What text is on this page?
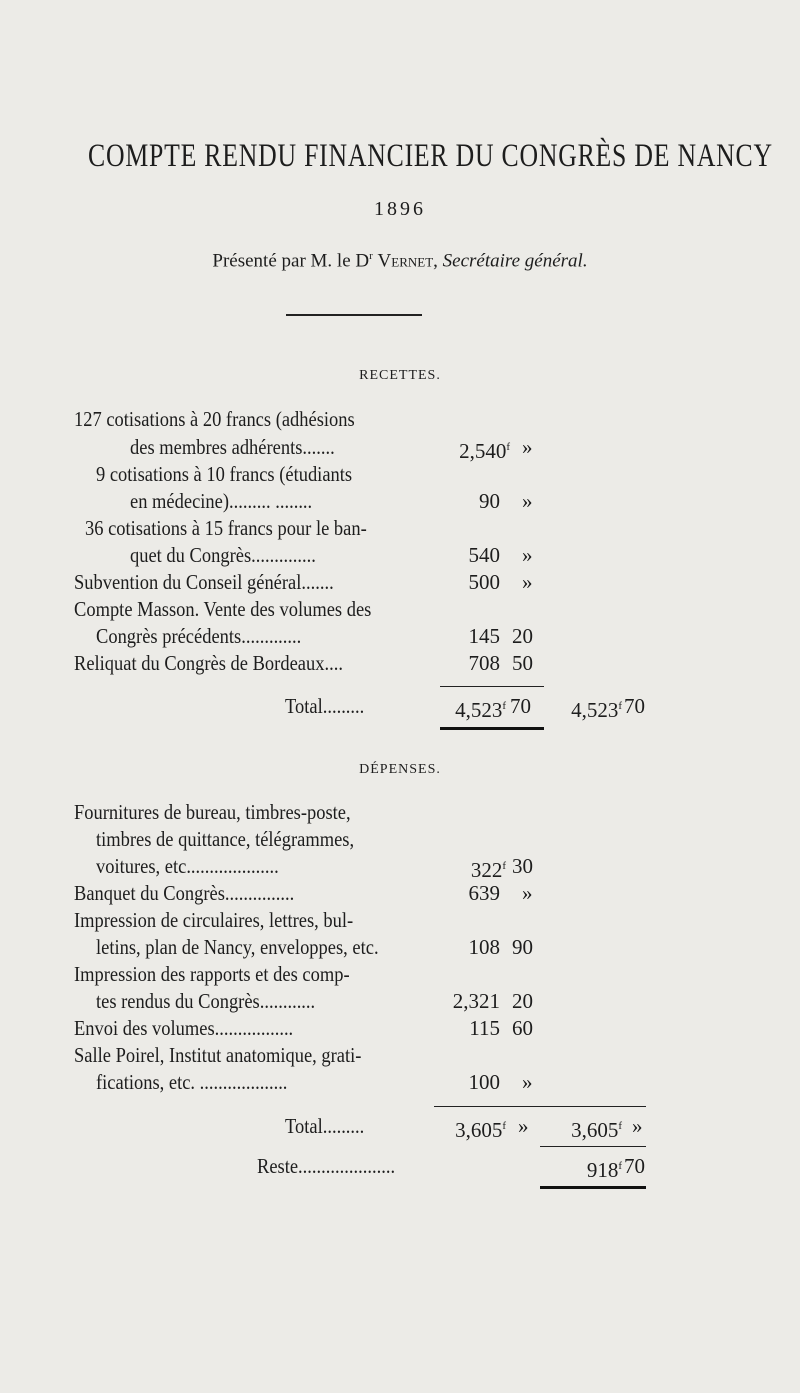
COMPTE RENDU FINANCIER DU CONGRÈS DE NANCY
1896
Présenté par M. le $D^r$ Vernet, Secrétaire général.
RECETTES.
127 cotisations à 20 francs (adhésions
des membres adhérents.......	2,540$^f$ »
9 cotisations à 10 francs (étudiants
en médecine)......... ........	90 »
36 cotisations à 15 francs pour le ban-
quet du Congrès..............	540 »
Subvention du Conseil général.......	500 »
Compte Masson. Vente des volumes des
Congrès précédents.............	145 20
Reliquat du Congrès de Bordeaux....	708 50
Total.........	4,523$^f$ 70	4,523$^f$ 70
DÉPENSES.
Fournitures de bureau, timbres-poste,
timbres de quittance, télégrammes,
voitures, etc....................	322$^f$ 30
Banquet du Congrès...............	639 »
Impression de circulaires, lettres, bul-
letins, plan de Nancy, enveloppes, etc.	108 90
Impression des rapports et des comp-
tes rendus du Congrès............	2,321 20
Envoi des volumes.................	115 60
Salle Poirel, Institut anatomique, grati-
fications, etc. ...................	100 »
Total.........	3,605$^f$ »	3,605$^f$ »
Reste.....................	918$^f$ 70
